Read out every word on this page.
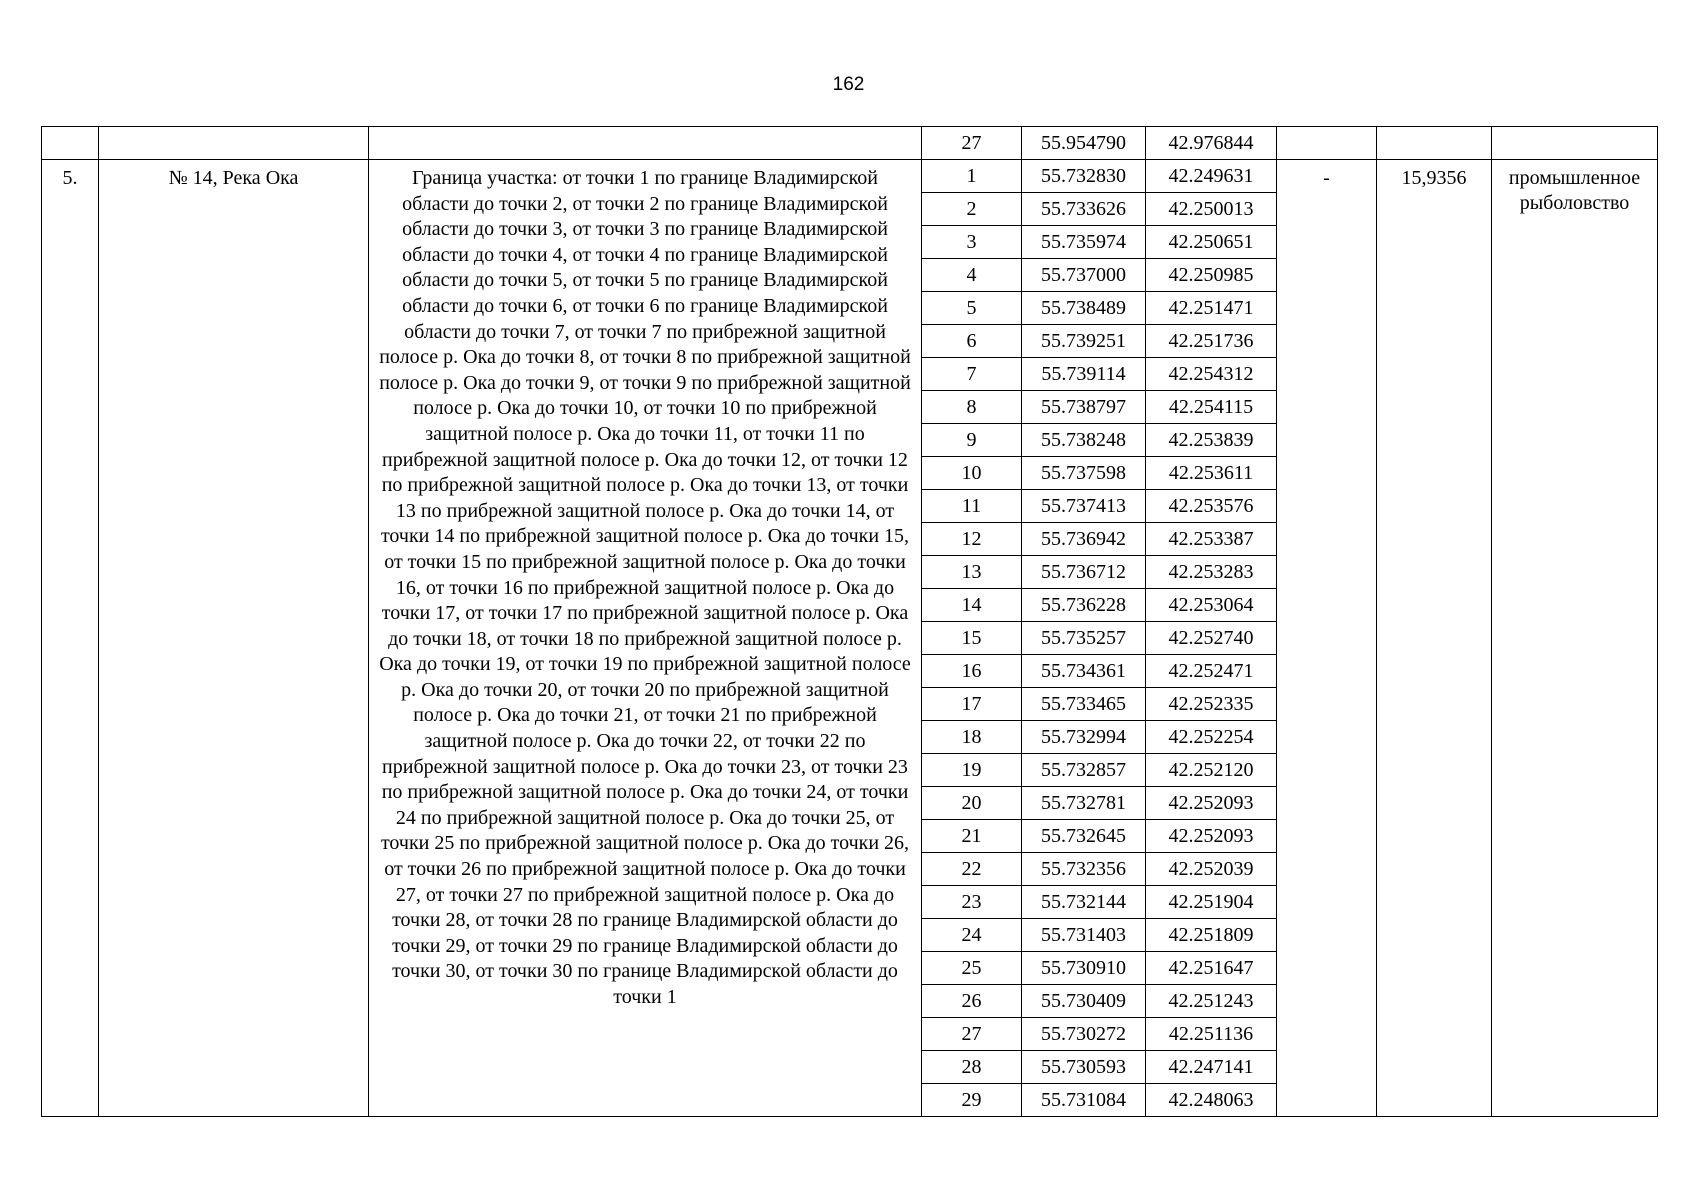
162
			27	55.954790	42.976844			
5.	№ 14, Река Ока	Граница участка: от точки 1 по границе Владимирской области до точки 2, от точки 2 по границе Владимирской области до точки 3, от точки 3 по границе Владимирской области до точки 4, от точки 4 по границе Владимирской области до точки 5, от точки 5 по границе Владимирской области до точки 6, от точки 6 по границе Владимирской области до точки 7, от точки 7 по прибрежной защитной полосе р. Ока до точки 8, от точки 8 по прибрежной защитной полосе р. Ока до точки 9, от точки 9 по прибрежной защитной полосе р. Ока до точки 10, от точки 10 по прибрежной защитной полосе р. Ока до точки 11, от точки 11 по прибрежной защитной полосе р. Ока до точки 12, от точки 12 по прибрежной защитной полосе р. Ока до точки 13, от точки 13 по прибрежной защитной полосе р. Ока до точки 14, от точки 14 по прибрежной защитной полосе р. Ока до точки 15, от точки 15 по прибрежной защитной полосе р. Ока до точки 16, от точки 16 по прибрежной защитной полосе р. Ока до точки 17, от точки 17 по прибрежной защитной полосе р. Ока до точки 18, от точки 18 по прибрежной защитной полосе р. Ока до точки 19, от точки 19 по прибрежной защитной полосе р. Ока до точки 20, от точки 20 по прибрежной защитной полосе р. Ока до точки 21, от точки 21 по прибрежной защитной полосе р. Ока до точки 22, от точки 22 по прибрежной защитной полосе р. Ока до точки 23, от точки 23 по прибрежной защитной полосе р. Ока до точки 24, от точки 24 по прибрежной защитной полосе р. Ока до точки 25, от точки 25 по прибрежной защитной полосе р. Ока до точки 26, от точки 26 по прибрежной защитной полосе р. Ока до точки 27, от точки 27 по прибрежной защитной полосе р. Ока до точки 28, от точки 28 по границе Владимирской области до точки 29, от точки 29 по границе Владимирской области до точки 30, от точки 30 по границе Владимирской области до точки 1	1	55.732830	42.249631	-	15,9356	промышленное рыболовство
			2	55.733626	42.250013			
			3	55.735974	42.250651			
			4	55.737000	42.250985			
			5	55.738489	42.251471			
			6	55.739251	42.251736			
			7	55.739114	42.254312			
			8	55.738797	42.254115			
			9	55.738248	42.253839			
			10	55.737598	42.253611			
			11	55.737413	42.253576			
			12	55.736942	42.253387			
			13	55.736712	42.253283			
			14	55.736228	42.253064			
			15	55.735257	42.252740			
			16	55.734361	42.252471			
			17	55.733465	42.252335			
			18	55.732994	42.252254			
			19	55.732857	42.252120			
			20	55.732781	42.252093			
			21	55.732645	42.252093			
			22	55.732356	42.252039			
			23	55.732144	42.251904			
			24	55.731403	42.251809			
			25	55.730910	42.251647			
			26	55.730409	42.251243			
			27	55.730272	42.251136			
			28	55.730593	42.247141			
			29	55.731084	42.248063			
